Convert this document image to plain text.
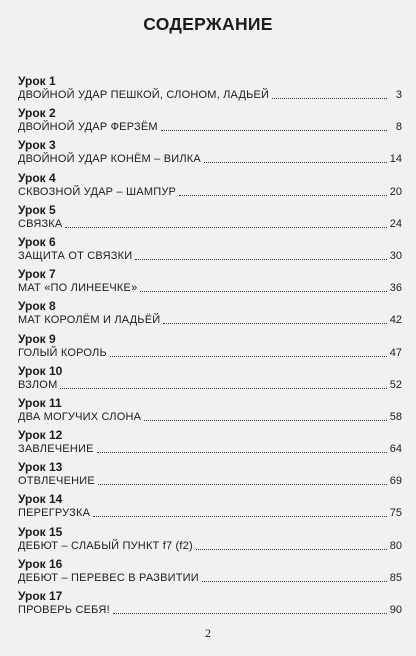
СОДЕРЖАНИЕ
Урок 1
ДВОЙНОЙ УДАР ПЕШКОЙ, СЛОНОМ, ЛАДЬЕЙ	3
Урок 2
ДВОЙНОЙ УДАР ФЕРЗЁМ	8
Урок 3
ДВОЙНОЙ УДАР КОНЁМ – ВИЛКА	14
Урок 4
СКВОЗНОЙ УДАР – ШАМПУР	20
Урок 5
СВЯЗКА	24
Урок 6
ЗАЩИТА ОТ СВЯЗКИ	30
Урок 7
МАТ «ПО ЛИНЕЕЧКЕ»	36
Урок 8
МАТ КОРОЛЁМ И ЛАДЬЁЙ	42
Урок 9
ГОЛЫЙ КОРОЛЬ	47
Урок 10
ВЗЛОМ	52
Урок 11
ДВА МОГУЧИХ СЛОНА	58
Урок 12
ЗАВЛЕЧЕНИЕ	64
Урок 13
ОТВЛЕЧЕНИЕ	69
Урок 14
ПЕРЕГРУЗКА	75
Урок 15
ДЕБЮТ – СЛАБЫЙ ПУНКТ f7 (f2)	80
Урок 16
ДЕБЮТ – ПЕРЕВЕС В РАЗВИТИИ	85
Урок 17
ПРОВЕРЬ СЕБЯ!	90
2
